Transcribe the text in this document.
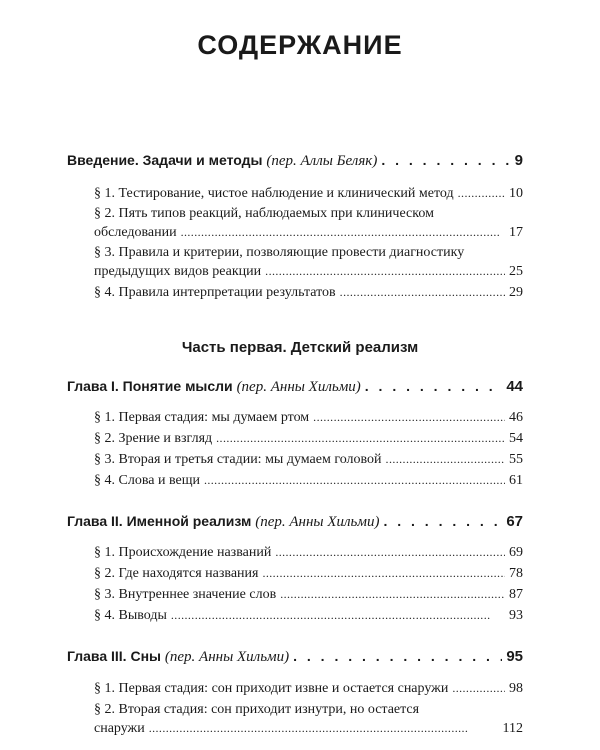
СОДЕРЖАНИЕ
Введение. Задачи и методы
(пер. Аллы Беляк) . . .	9
§ 1. Тестирование, чистое наблюдение и клинический метод . . .	10
§ 2. Пять типов реакций, наблюдаемых при клиническом
обследовании . . .	17
§ 3. Правила и критерии, позволяющие провести диагностику
предыдущих видов реакции . . .	25
§ 4. Правила интерпретации результатов . . .	29
Часть первая. Детский реализм
Глава I. Понятие мысли
(пер. Анны Хильми) . . .	44
§ 1. Первая стадия: мы думаем ртом . . .	46
§ 2. Зрение и взгляд . . .	54
§ 3. Вторая и третья стадии: мы думаем головой . . .	55
§ 4. Слова и вещи . . .	61
Глава II. Именной реализм
(пер. Анны Хильми) . . .	67
§ 1. Происхождение названий . . .	69
§ 2. Где находятся названия . . .	78
§ 3. Внутреннее значение слов . . .	87
§ 4. Выводы . . .	93
Глава III. Сны
(пер. Анны Хильми) . . .	95
§ 1. Первая стадия: сон приходит извне и остается снаружи . . .	98
§ 2. Вторая стадия: сон приходит изнутри, но остается
снаружи . . .	112
